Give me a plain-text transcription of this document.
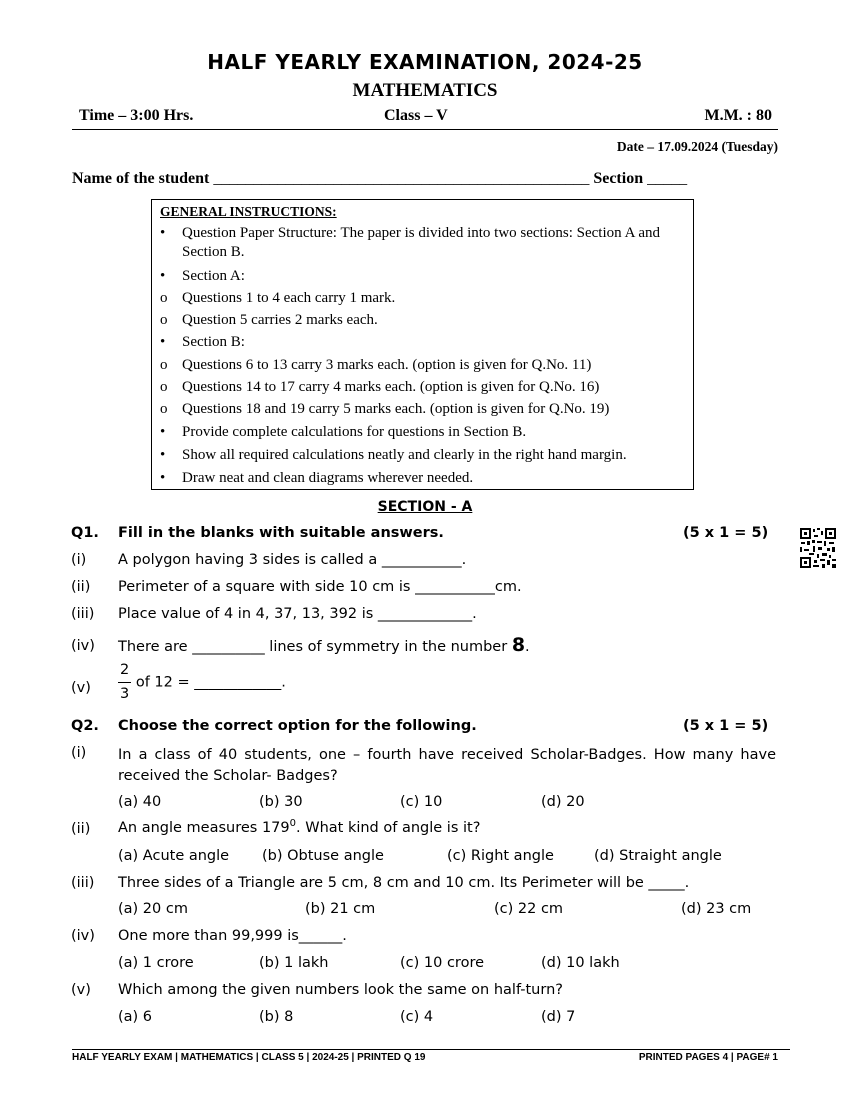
HALF YEARLY EXAMINATION, 2024-25
MATHEMATICS
Time – 3:00 Hrs.	Class – V	M.M. : 80
Date – 17.09.2024 (Tuesday)
Name of the student _______________________________________________ Section _____
GENERAL INSTRUCTIONS:
•	Question Paper Structure: The paper is divided into two sections: Section A and Section B.
•	Section A:
o Questions 1 to 4 each carry 1 mark.
o Question 5 carries 2 marks each.
•	Section B:
o Questions 6 to 13 carry 3 marks each. (option is given for Q.No. 11)
o Questions 14 to 17 carry 4 marks each. (option is given for Q.No. 16)
o Questions 18 and 19 carry 5 marks each. (option is given for Q.No. 19)
•	Provide complete calculations for questions in Section B.
•	Show all required calculations neatly and clearly in the right hand margin.
•	Draw neat and clean diagrams wherever needed.
SECTION - A
Q1. Fill in the blanks with suitable answers.	(5 x 1 = 5)
(i) A polygon having 3 sides is called a ___________.
(ii) Perimeter of a square with side 10 cm is ___________cm.
(iii) Place value of 4 in 4, 37, 13, 392 is _____________.
(iv) There are __________ lines of symmetry in the number 8.
$(v) \frac{2}{3}$ of 12 = ____________.
Q2. Choose the correct option for the following.	(5 x 1 = 5)
(i) In a class of 40 students, one – fourth have received Scholar-Badges. How many have received the Scholar- Badges?
(a) 40	(b) 30	(c) 10	(d) 20
(ii) An angle measures $179^0$. What kind of angle is it?
(a) Acute angle (b) Obtuse angle	(c) Right angle	(d) Straight angle
(iii) Three sides of a Triangle are 5 cm, 8 cm and 10 cm. Its Perimeter will be _____.
(a) 20 cm	(b) 21 cm	(c) 22 cm	(d) 23 cm
(iv) One more than 99,999 is______.
(a) 1 crore	(b) 1 lakh	(c) 10 crore	(d) 10 lakh
(v) Which among the given numbers look the same on half-turn?
(a) 6	(b) 8	(c) 4	(d) 7
HALF YEARLY EXAM | MATHEMATICS | CLASS 5 | 2024-25 | PRINTED Q 19	PRINTED PAGES 4 | PAGE# 1
